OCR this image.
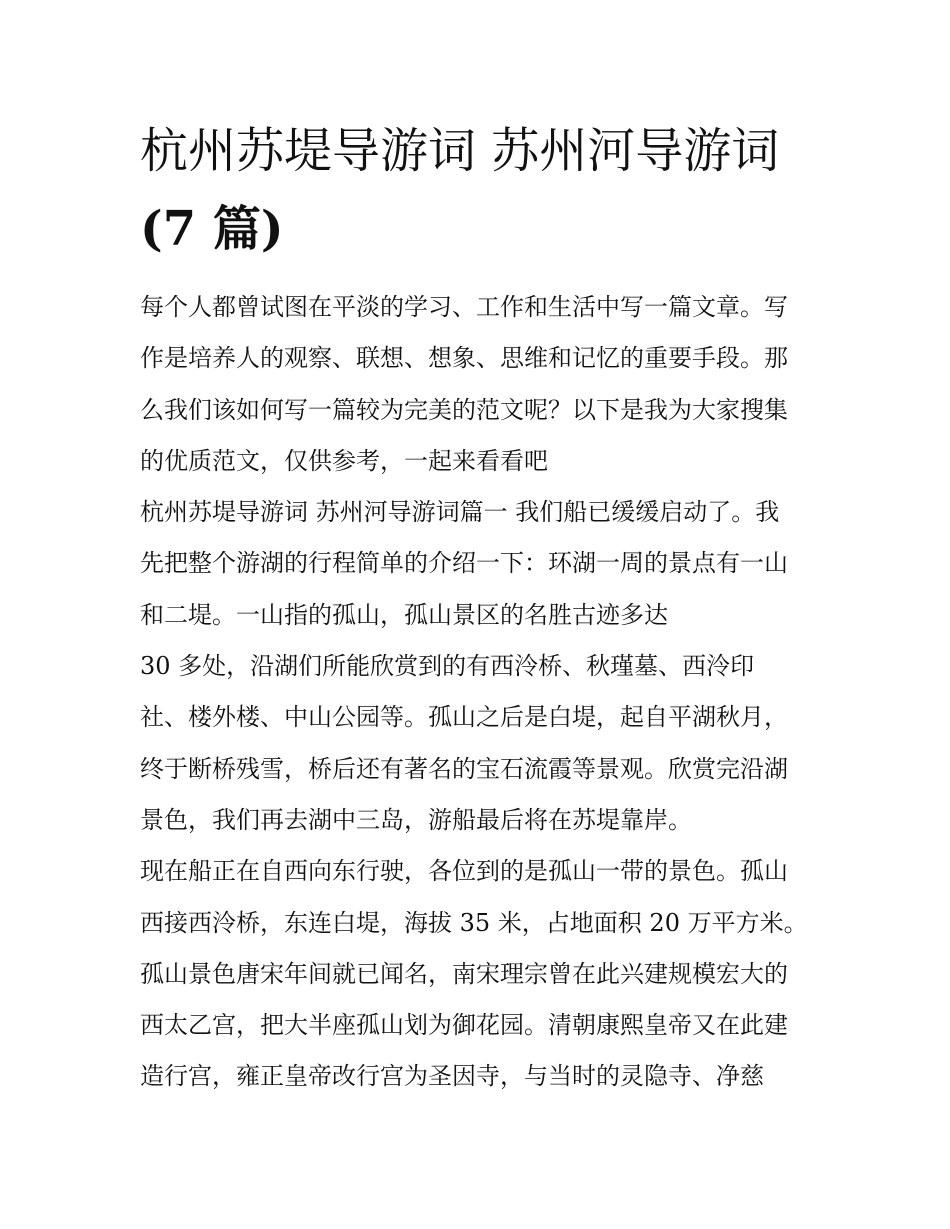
杭州苏堤导游词 苏州河导游词
(7 篇)
每个人都曾试图在平淡的学习、工作和生活中写一篇文章。写
作是培养人的观察、联想、想象、思维和记忆的重要手段。那
么我们该如何写一篇较为完美的范文呢？以下是我为大家搜集
的优质范文，仅供参考，一起来看看吧
杭州苏堤导游词 苏州河导游词篇一 我们船已缓缓启动了。我
先把整个游湖的行程简单的介绍一下：环湖一周的景点有一山
和二堤。一山指的孤山，孤山景区的名胜古迹多达
30 多处，沿湖们所能欣赏到的有西泠桥、秋瑾墓、西泠印
社、楼外楼、中山公园等。孤山之后是白堤，起自平湖秋月，
终于断桥残雪，桥后还有著名的宝石流霞等景观。欣赏完沿湖
景色，我们再去湖中三岛，游船最后将在苏堤靠岸。
现在船正在自西向东行驶，各位到的是孤山一带的景色。孤山
西接西泠桥，东连白堤，海拔 35 米，占地面积 20 万平方米。
孤山景色唐宋年间就已闻名，南宋理宗曾在此兴建规模宏大的
西太乙宫，把大半座孤山划为御花园。清朝康熙皇帝又在此建
造行宫，雍正皇帝改行宫为圣因寺，与当时的灵隐寺、净慈
